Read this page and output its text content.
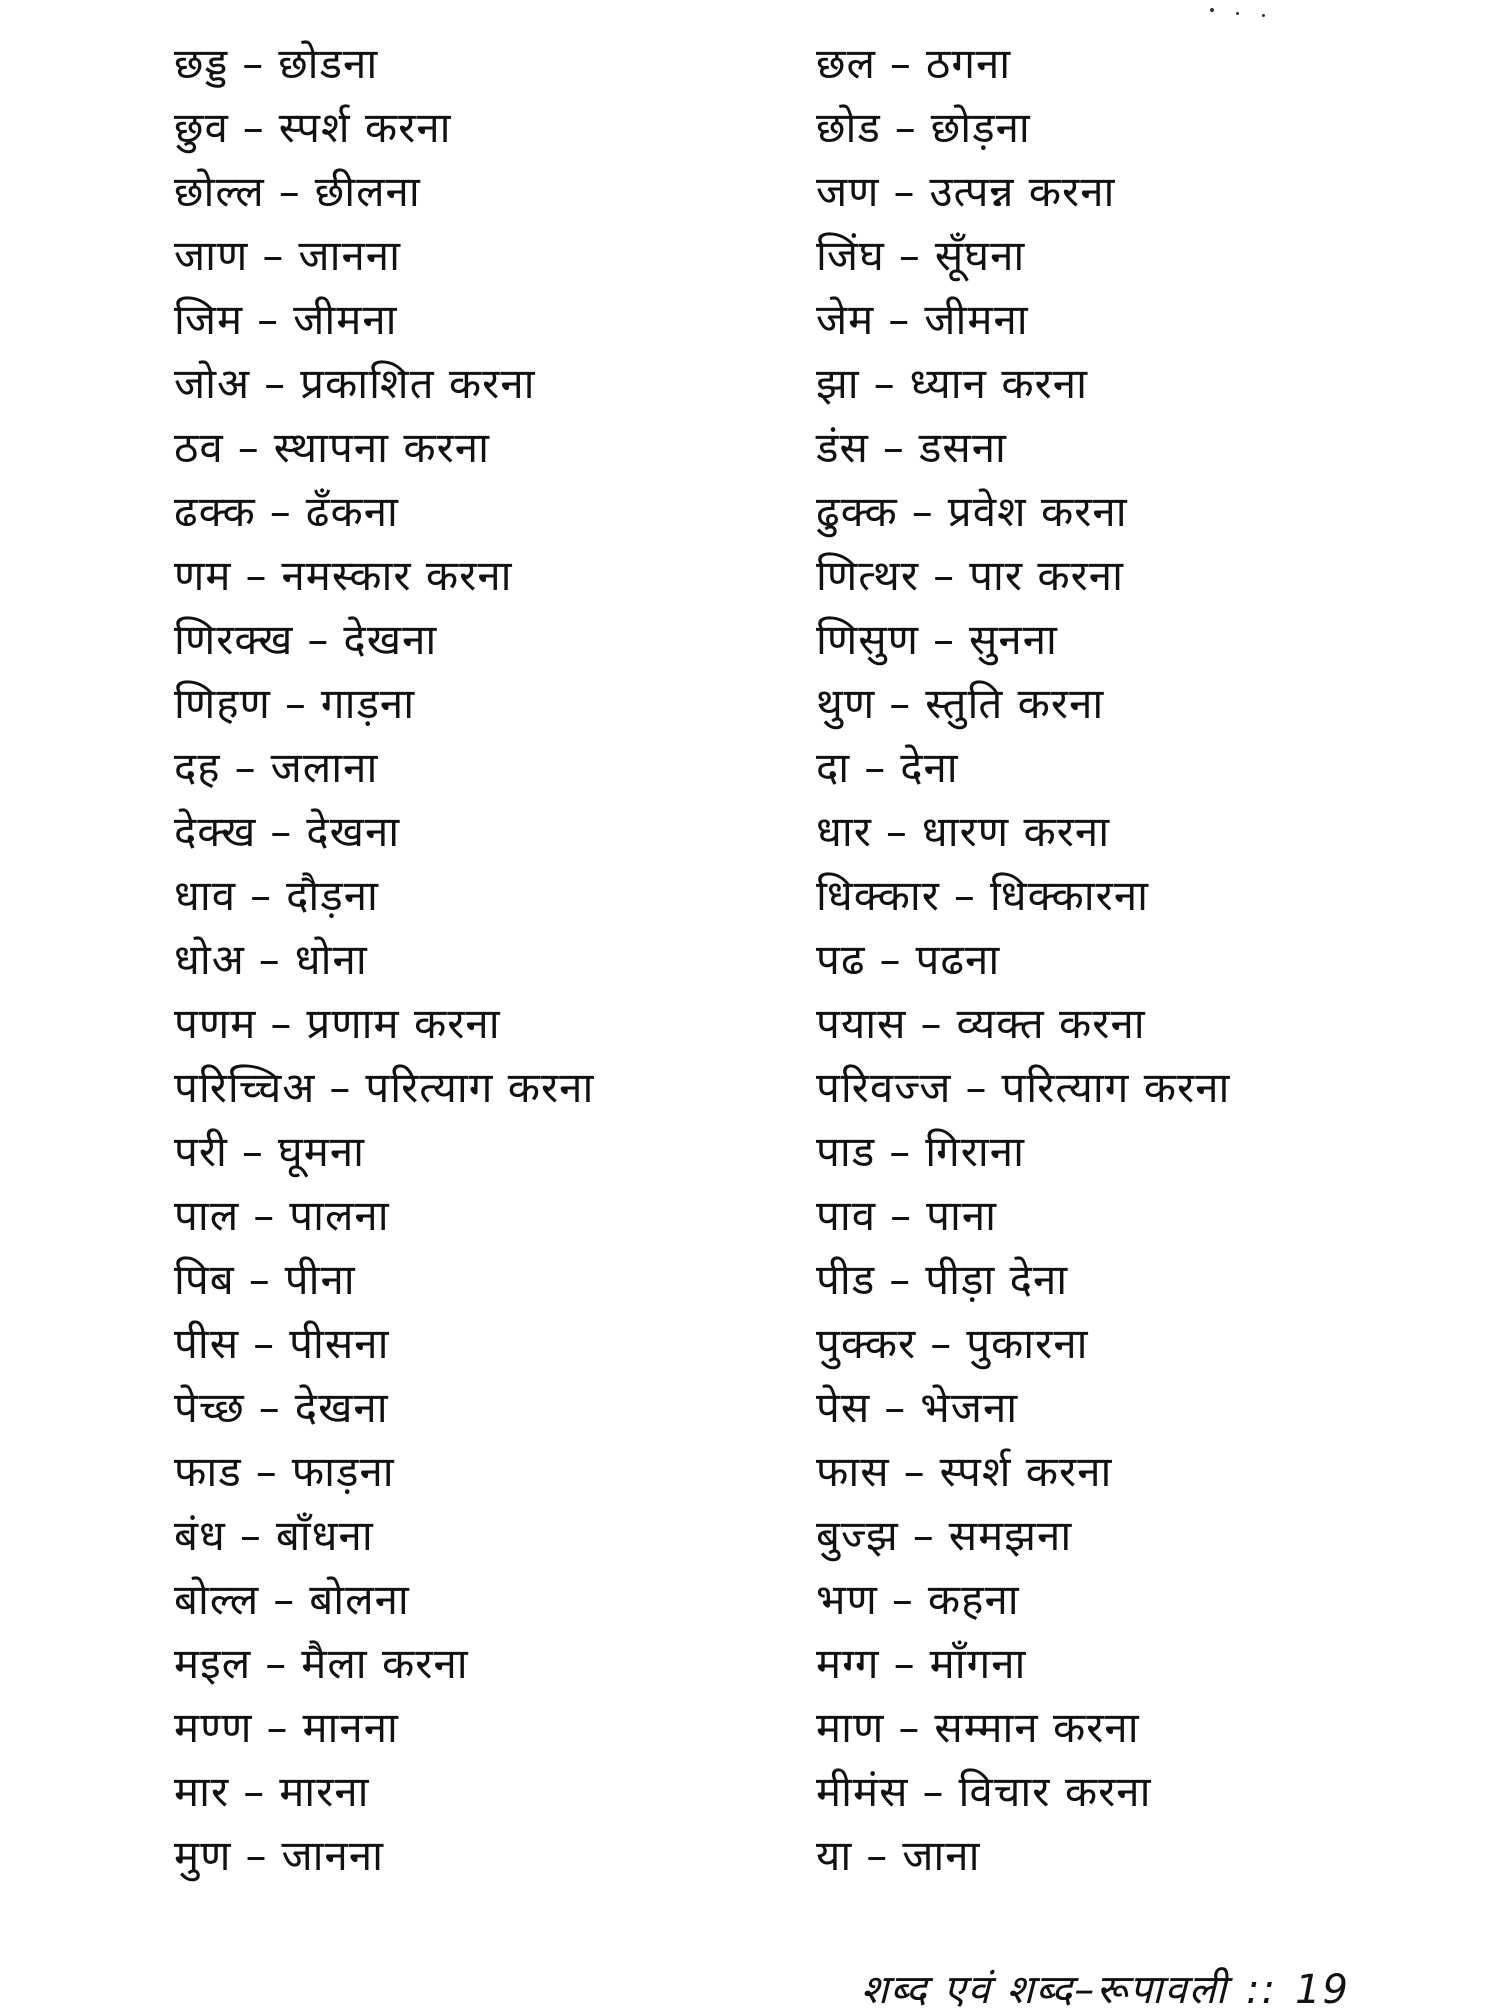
छड्ड – छोडना
छुव – स्पर्श करना
छोल्ल – छीलना
जाण – जानना
जिम – जीमना
जोअ – प्रकाशित करना
ठव – स्थापना करना
ढक्क – ढँकना
णम – नमस्कार करना
णिरक्ख – देखना
णिहण – गाड़ना
दह – जलाना
देक्ख – देखना
धाव – दौड़ना
धोअ – धोना
पणम – प्रणाम करना
परिच्चिअ – परित्याग करना
परी – घूमना
पाल – पालना
पिब – पीना
पीस – पीसना
पेच्छ – देखना
फाड – फाड़ना
बंध – बाँधना
बोल्ल – बोलना
मइल – मैला करना
मण्ण – मानना
मार – मारना
मुण – जानना
छल – ठगना
छोड – छोड़ना
जण – उत्पन्न करना
जिंघ – सूँघना
जेम – जीमना
झा – ध्यान करना
डंस – डसना
ढुक्क – प्रवेश करना
णित्थर – पार करना
णिसुण – सुनना
थुण – स्तुति करना
दा – देना
धार – धारण करना
धिक्कार – धिक्कारना
पढ – पढना
पयास – व्यक्त करना
परिवज्ज – परित्याग करना
पाड – गिराना
पाव – पाना
पीड – पीड़ा देना
पुक्कर – पुकारना
पेस – भेजना
फास – स्पर्श करना
बुज्झ – समझना
भण – कहना
मग्ग – माँगना
माण – सम्मान करना
मीमंस – विचार करना
या – जाना
शब्द एवं शब्द–रूपावली :: 19
